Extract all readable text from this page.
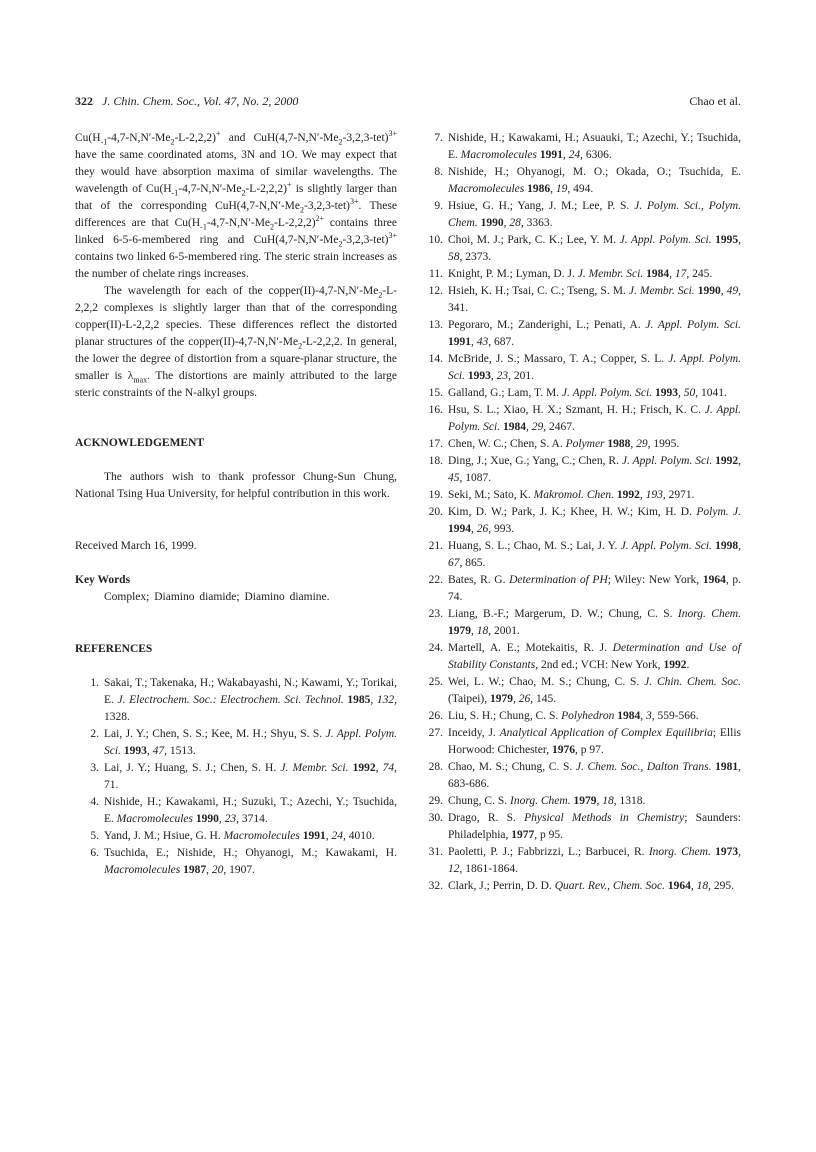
322 J. Chin. Chem. Soc., Vol. 47, No. 2, 2000	Chao et al.

$Cu(H_{-1}-4,7-N,N'-Me_2-L-2,2,2)^+$ and $CuH(4,7-N,N'-Me_2-3,2,3-tet)^{3+}$ have the same coordinated atoms, 3N and 1O. We may expect that they would have absorption maxima of similar wavelengths. The wavelength of $Cu(H_{-1}-4,7-N,N'-Me_2-L-2,2,2)^+$ is slightly larger than that of the corresponding $CuH(4,7-N,N'-Me_2-3,2,3-tet)^{3+}$. These differences are that $Cu(H_{-1}-4,7-N,N'-Me_2-L-2,2,2)^{2+}$ contains three linked 6-5-6-membered ring and $CuH(4,7-N,N'-Me_2-3,2,3-tet)^{3+}$ contains two linked 6-5-membered ring. The steric strain increases as the number of chelate rings increases.

The wavelength for each of the $copper(II)-4,7-N,N'-Me_2-L-2,2,2$ complexes is slightly larger than that of the corresponding copper(II)-L-2,2,2 species. These differences reflect the distorted planar structures of the $copper(II)-4,7-N,N'-Me_2-L-2,2,2$. In general, the lower the degree of distortion from a square-planar structure, the smaller is $\lambda_{max}$. The distortions are mainly attributed to the large steric constraints of the N-alkyl groups.

ACKNOWLEDGEMENT

The authors wish to thank professor Chung-Sun Chung, National Tsing Hua University, for helpful contribution in this work.

Received March 16, 1999.

Key Words

Complex; Diamino diamide; Diamino diamine.

REFERENCES

1. Sakai, T.; Takenaka, H.; Wakabayashi, N.; Kawami, Y.; Torikai, E. J. Electrochem. Soc.: Electrochem. Sci. Technol. 1985, 132, 1328.
2. Lai, J. Y.; Chen, S. S.; Kee, M. H.; Shyu, S. S. J. Appl. Polym. Sci. 1993, 47, 1513.
3. Lai, J. Y.; Huang, S. J.; Chen, S. H. J. Membr. Sci. 1992, 74, 71.
4. Nishide, H.; Kawakami, H.; Suzuki, T.; Azechi, Y.; Tsuchida, E. Macromolecules 1990, 23, 3714.
5. Yand, J. M.; Hsiue, G. H. Macromolecules 1991, 24, 4010.
6. Tsuchida, E.; Nishide, H.; Ohyanogi, M.; Kawakami, H. Macromolecules 1987, 20, 1907.
7. Nishide, H.; Kawakami, H.; Asuauki, T.; Azechi, Y.; Tsuchida, E. Macromolecules 1991, 24, 6306.
8. Nishide, H.; Ohyanogi, M. O.; Okada, O.; Tsuchida, E. Macromolecules 1986, 19, 494.
9. Hsiue, G. H.; Yang, J. M.; Lee, P. S. J. Polym. Sci., Polym. Chem. 1990, 28, 3363.
10. Choi, M. J.; Park, C. K.; Lee, Y. M. J. Appl. Polym. Sci. 1995, 58, 2373.
11. Knight, P. M.; Lyman, D. J. J. Membr. Sci. 1984, 17, 245.
12. Hsieh, K. H.; Tsai, C. C.; Tseng, S. M. J. Membr. Sci. 1990, 49, 341.
13. Pegoraro, M.; Zanderighi, L.; Penati, A. J. Appl. Polym. Sci. 1991, 43, 687.
14. McBride, J. S.; Massaro, T. A.; Copper, S. L. J. Appl. Polym. Sci. 1993, 23, 201.
15. Galland, G.; Lam, T. M. J. Appl. Polym. Sci. 1993, 50, 1041.
16. Hsu, S. L.; Xiao, H. X.; Szmant, H. H.; Frisch, K. C. J. Appl. Polym. Sci. 1984, 29, 2467.
17. Chen, W. C.; Chen, S. A. Polymer 1988, 29, 1995.
18. Ding, J.; Xue, G.; Yang, C.; Chen, R. J. Appl. Polym. Sci. 1992, 45, 1087.
19. Seki, M.; Sato, K. Makromol. Chen. 1992, 193, 2971.
20. Kim, D. W.; Park, J. K.; Khee, H. W.; Kim, H. D. Polym. J. 1994, 26, 993.
21. Huang, S. L.; Chao, M. S.; Lai, J. Y. J. Appl. Polym. Sci. 1998, 67, 865.
22. Bates, R. G. Determination of PH; Wiley: New York, 1964, p. 74.
23. Liang, B.-F.; Margerum, D. W.; Chung, C. S. Inorg. Chem. 1979, 18, 2001.
24. Martell, A. E.; Motekaitis, R. J. Determination and Use of Stability Constants, 2nd ed.; VCH: New York, 1992.
25. Wei, L. W.; Chao, M. S.; Chung, C. S. J. Chin. Chem. Soc. (Taipei), 1979, 26, 145.
26. Liu, S. H.; Chung, C. S. Polyhedron 1984, 3, 559-566.
27. Inceidy, J. Analytical Application of Complex Equilibria; Ellis Horwood: Chichester, 1976, p 97.
28. Chao, M. S.; Chung, C. S. J. Chem. Soc., Dalton Trans. 1981, 683-686.
29. Chung, C. S. Inorg. Chem. 1979, 18, 1318.
30. Drago, R. S. Physical Methods in Chemistry; Saunders: Philadelphia, 1977, p 95.
31. Paoletti, P. J.; Fabbrizzi, L.; Barbucei, R. Inorg. Chem. 1973, 12, 1861-1864.
32. Clark, J.; Perrin, D. D. Quart. Rev., Chem. Soc. 1964, 18, 295.
